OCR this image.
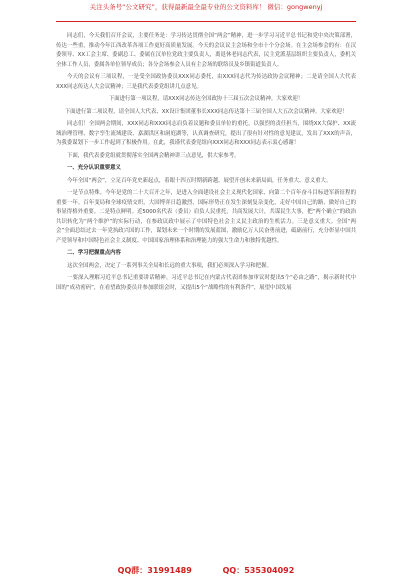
关注头条号“公文研究”，获得最新最全最专业的公文资料库！ 微信：gongwenyj

同志们，今天我们召开会议，主要任务是：学习传达贯彻全国“两会”精神，进一步学习习近平总书记和党中央决策部署，传达一些重，推动今年江西改革各项工作更好高质量发展。今天的会议议主会场和全市十个分会场。在主会场参会的有：在汉委领导、XX工会主席、委副总工、委属在汉单位党政主要负责人，离退休老同志代表，民主党派基层组织主要负责人，委机关全体工作人员，委属各单位领导成员；各分会场参会人员有主会场的联络员及乡镇街道负责人。

今天的会议有三项议程，一是受全国政协委员XXX同志委托，由XXX同志代为传达政协会议精神；二是请全国人大代表XXX同志传达人大会议精神；三是我代表委党组讲几点意见。

下面进行第一项议程，请XXX同志传达全国政协十三届五次会议精神。大家欢迎！

下面进行第二项议程，请全国人大代表、XX设计集团董事长XXX同志传达第十三届全国人大五次会议精神。大家欢迎！

同志们！全国两会期间，XXX同志和XXX同志肩负着议题和委员单位的重托，以强烈的责任担当，围绕XX大保护、XX流域治理管理、数字孪生流域建设、嘉湖洪区和洞庭湖等，认真调查研究，提出了很有针对性的意见建议，发出了XXX的声音，为我委谋划下一步工作起到了积极作用。在此，我谨代表委党组向XXX同志和XXX同志表示衷心感谢！

下面，我代表委党组就贯彻落实全国两会精神讲三点意见，供大家参考。

一、充分认识重要意义

今年全国“两会”，立足百年党史新起点，着眼十四五时期新跨越，展望开创未来新局面，任务重大、意义重大。

一是节点特殊。今年是党的二十大召开之年，是进入全面建设社会主义现代化国家、向第二个百年奋斗目标进军新征程的重要一年。百年变局和全球疫情交织，大国博弈日趋激烈，国际形势正在发生深刻复杂变化，走好中国自己的路，做好自己的事显得格外重要。二是特点鲜明。近5000名代表（委员）肩负人民重托，共商发展大计，共谋民生大事，把“两个确立”的政治共识转化为“两个维护”的实际行动，在参政议政中展示了中国特色社会主义民主政治的生机活力。三是意义重大。全国“两会”全面总结过去一年党执政兴国的工作，谋划未来一个时期的发展蓝图，激励亿万人民奋勇前进，砥砺前行，充分彰显中国共产党领导和中国特色社会主义制度、中国国家治理体系和治理能力的强大生命力和独特优越性。

二、学习把握重点内容

这次全国两会，决定了一系列事关全局和长远的重大事项，我们必须深入学习和把握。

一要深入理解习近平总书记重要讲话精神。习近平总书记在内蒙古代表团参加审议时提出5个“必由之路”，揭示新时代中国的“成功密码”，在看望政协委员并参加联组会时，又提出5个“战略性的有利条件”，展望中国发展

QQ群：31991489	QQ：535304092
